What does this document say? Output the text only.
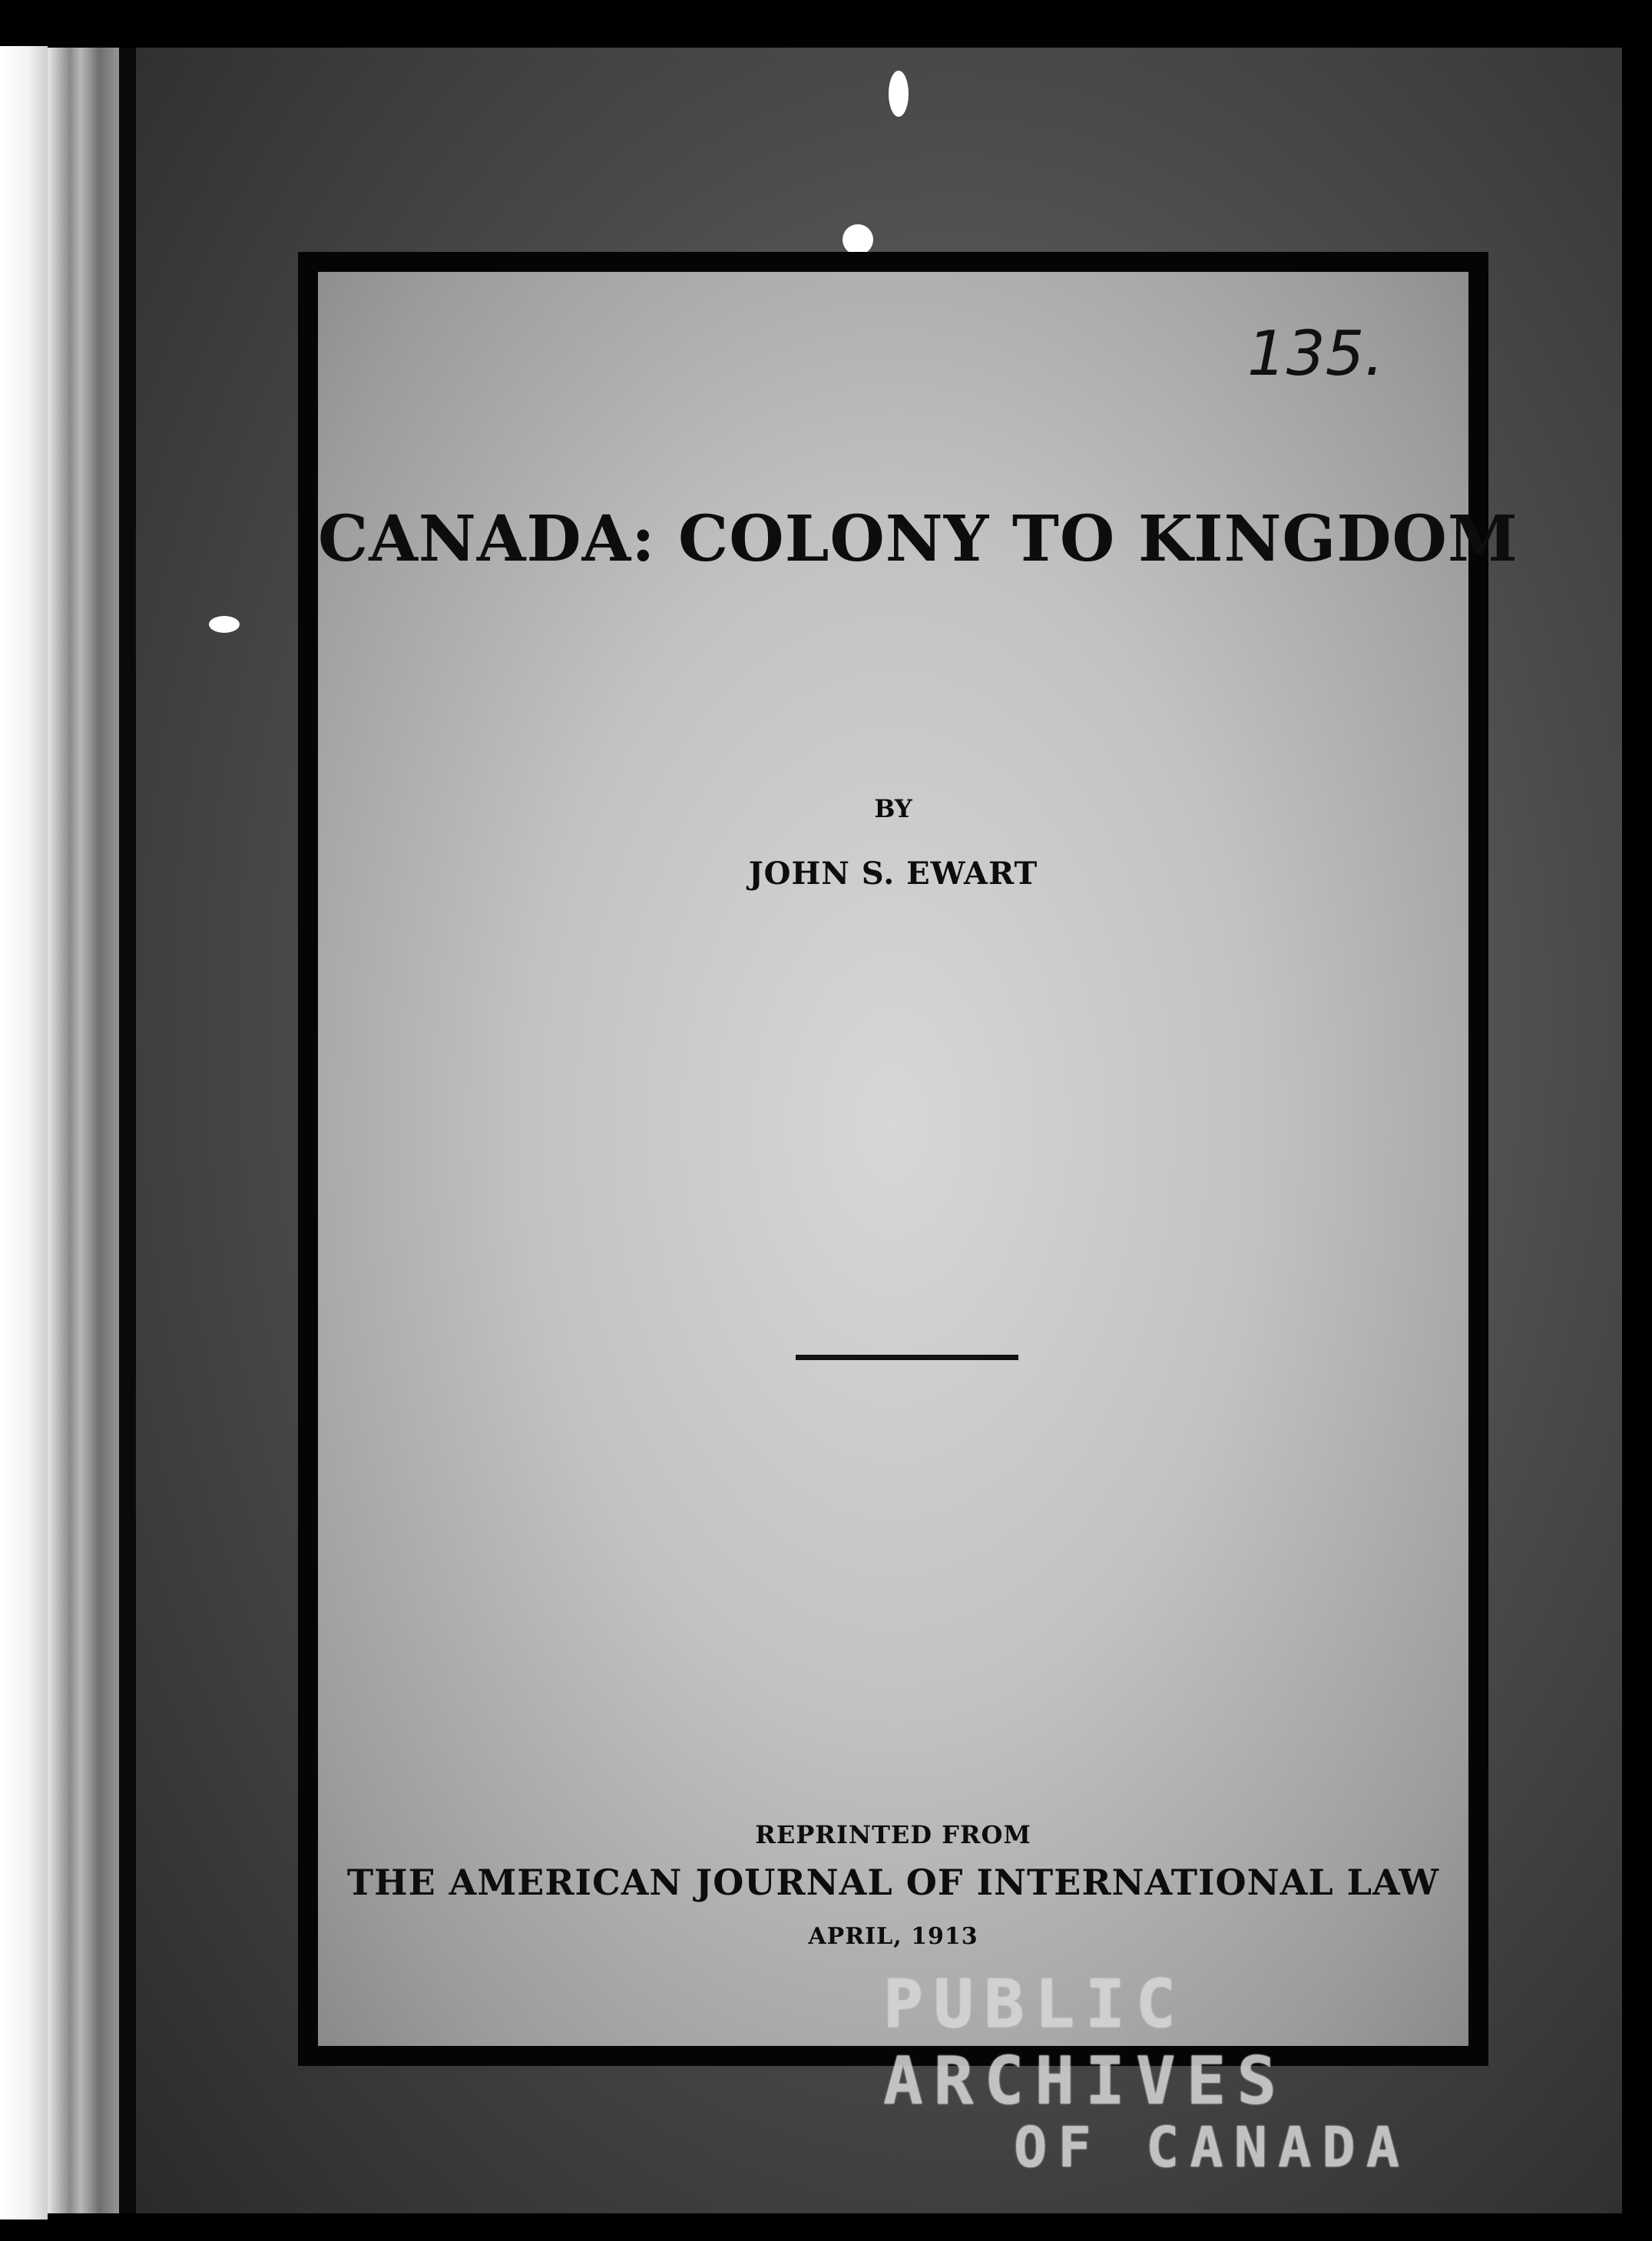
135.
CANADA: COLONY TO KINGDOM
BY
JOHN S. EWART
REPRINTED FROM
THE AMERICAN JOURNAL OF INTERNATIONAL LAW
APRIL, 1913
PUBLIC ARCHIVES
OF CANADA
